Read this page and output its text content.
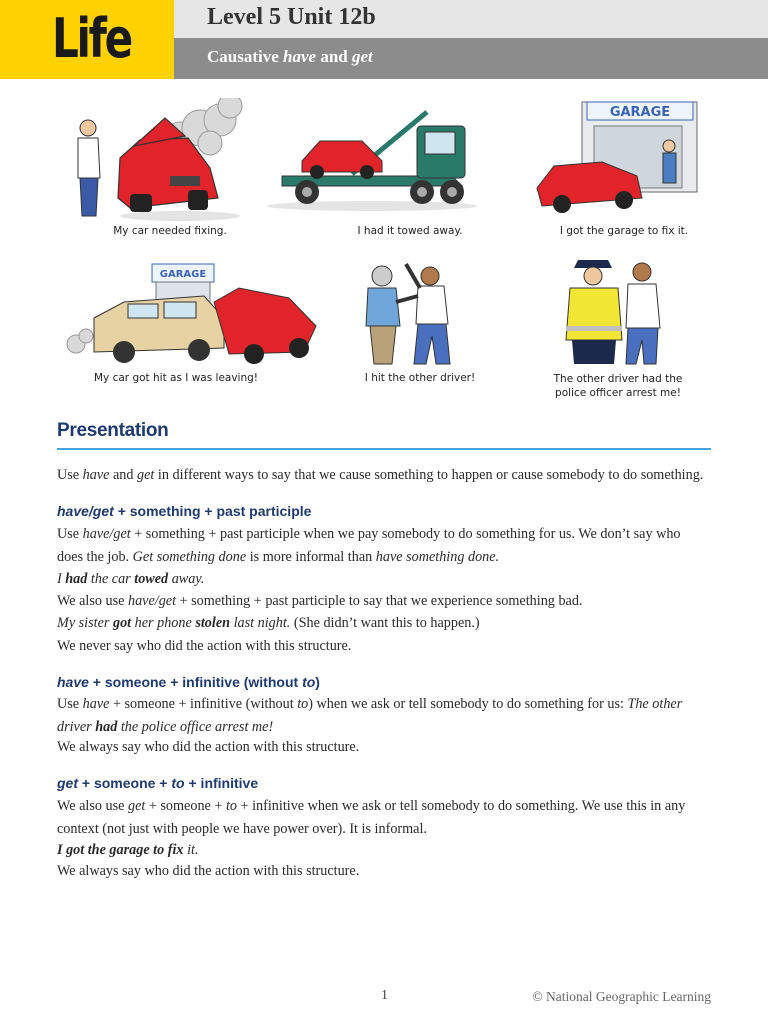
Life	Level 5 Unit 12b
Causative have and get
My car needed fixing.	I had it towed away.
GARAGE
I got the garage to fix it.
GARAGE
My car got hit as I was leaving!	I hit the other driver!	The other driver had the police officer arrest me!
Presentation
Use have and get in different ways to say that we cause something to happen or cause somebody to do something.
have/get + something + past participle
Use have/get + something + past participle when we pay somebody to do something for us. We don’t say who does the job. Get something done is more informal than have something done.
I had the car towed away.
We also use have/get + something + past participle to say that we experience something bad.
My sister got her phone stolen last night. (She didn’t want this to happen.)
We never say who did the action with this structure.
have + someone + infinitive (without to)
Use have + someone + infinitive (without to) when we ask or tell somebody to do something for us: The other driver had the police office arrest me!
We always say who did the action with this structure.
get + someone + to + infinitive
We also use get + someone + to + infinitive when we ask or tell somebody to do something. We use this in any context (not just with people we have power over). It is informal.
I got the garage to fix it.
We always say who did the action with this structure.
1	© National Geographic Learning
